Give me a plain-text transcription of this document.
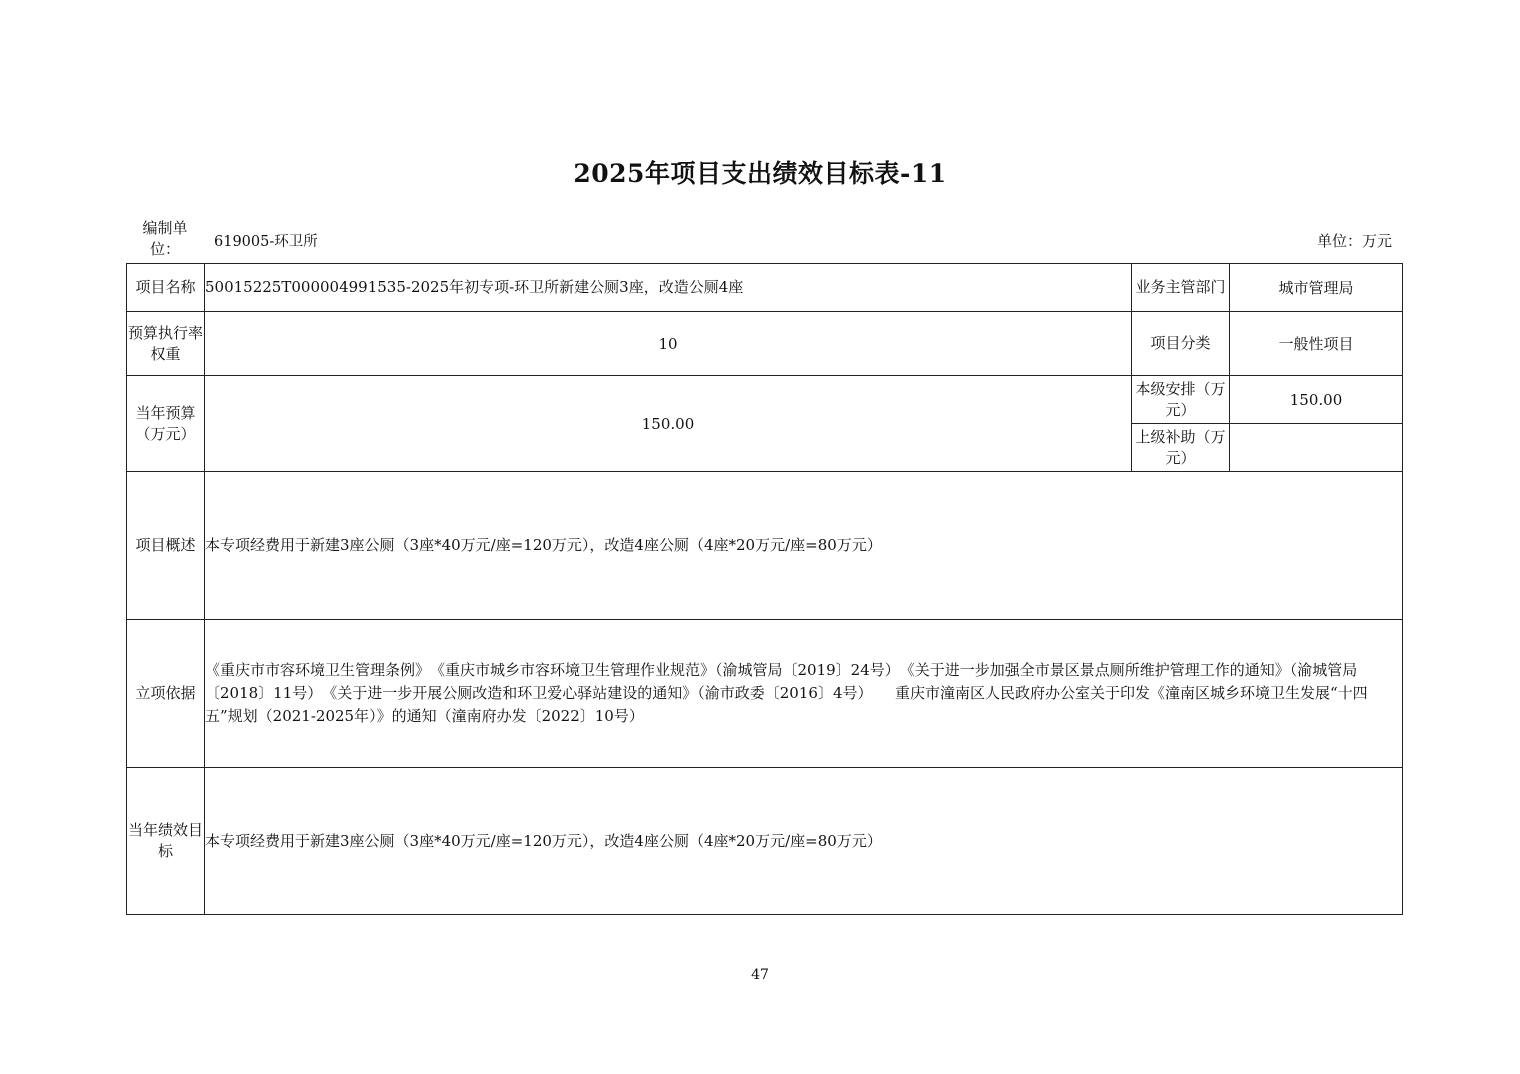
2025年项目支出绩效目标表-11
编制单位：	619005-环卫所	单位：万元
项目名称	50015225T000004991535-2025年初专项-环卫所新建公厕3座，改造公厕4座	业务主管部门	城市管理局
预算执行率权重	10	项目分类	一般性项目
当年预算（万元）	150.00	本级安排（万元）	150.00
		上级补助（万元）	
项目概述	本专项经费用于新建3座公厕（3座*40万元/座=120万元），改造4座公厕（4座*20万元/座=80万元）		
立项依据	《重庆市市容环境卫生管理条例》　《重庆市城乡市容环境卫生管理作业规范》（渝城管局〔2019〕24号）　《关于进一步加强全市景区景点厕所维护管理工作的通知》（渝城管局〔2018〕11号）　《关于进一步开展公厕改造和环卫爱心驿站建设的通知》（渝市政委〔2016〕4号）　　重庆市潼南区人民政府办公室关于印发《潼南区城乡环境卫生发展“十四五”规划（2021-2025年）》的通知（潼南府办发〔2022〕10号）		
当年绩效目标	本专项经费用于新建3座公厕（3座*40万元/座=120万元），改造4座公厕（4座*20万元/座=80万元）		
47
